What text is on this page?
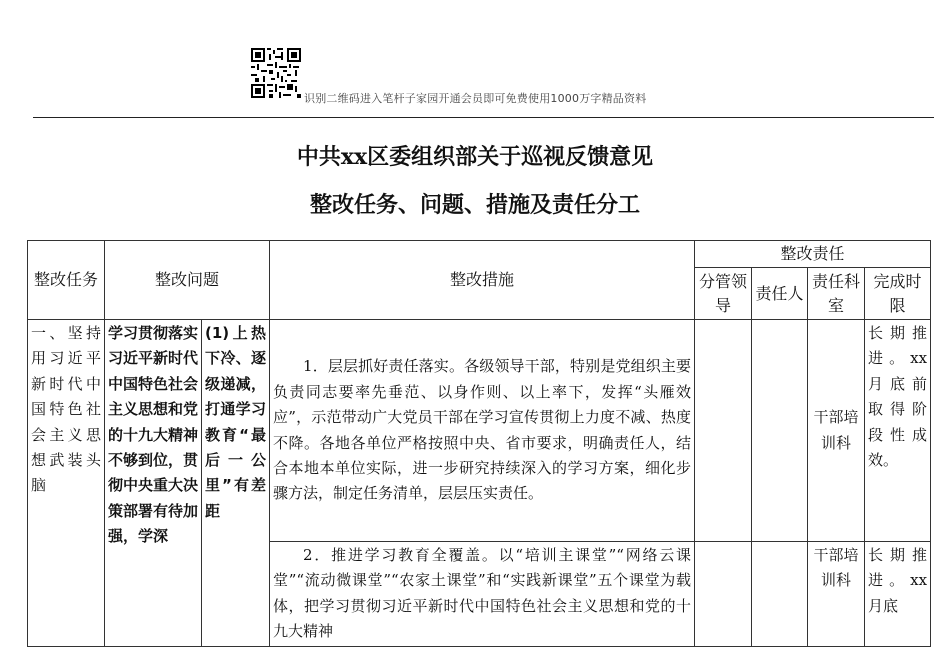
识别二维码进入笔杆子家园开通会员即可免费使用1000万字精品资料
中共xx区委组织部关于巡视反馈意见
整改任务、问题、措施及责任分工
整改任务	整改问题		整改措施	整改责任			
				分管领导	责任人	责任科室	完成时限
一、坚持用习近平新时代中国特色社会主义思想武装头脑	学习贯彻落实习近平新时代中国特色社会主义思想和党的十九大精神不够到位，贯彻中央重大决策部署有待加强，学深	(1)上热下冷、逐级递减，打通学习教育“最后一公里”有差距	1．层层抓好责任落实。各级领导干部，特别是党组织主要负责同志要率先垂范、以身作则、以上率下，发挥“头雁效应”，示范带动广大党员干部在学习宣传贯彻上力度不减、热度不降。各地各单位严格按照中央、省市要求，明确责任人，结合本地本单位实际，进一步研究持续深入的学习方案，细化步骤方法，制定任务清单，层层压实责任。			干部培训科	长期推进。xx月底前取得阶段性成效。
			2．推进学习教育全覆盖。以“培训主课堂”“网络云课堂”“流动微课堂”“农家土课堂”和“实践新课堂”五个课堂为载体，把学习贯彻习近平新时代中国特色社会主义思想和党的十九大精神			干部培训科	长期推进。xx月底
